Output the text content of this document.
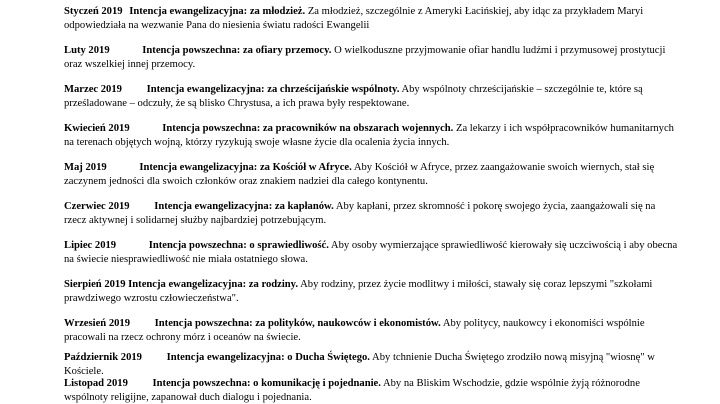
Styczeń 2019 Intencja ewangelizacyjna: za młodzież. Za młodzież, szczególnie z Ameryki Łacińskiej, aby idąc za przykładem Maryi odpowiedziała na wezwanie Pana do niesienia światu radości Ewangelii
Luty 2019	Intencja powszechna: za ofiary przemocy. O wielkoduszne przyjmowanie ofiar handlu ludźmi i przymusowej prostytucji oraz wszelkiej innej przemocy.
Marzec 2019 Intencja ewangelizacyjna: za chrześcijańskie wspólnoty. Aby wspólnoty chrześcijańskie – szczególnie te, które są prześladowane – odczuły, że są blisko Chrystusa, a ich prawa były respektowane.
Kwiecień 2019	Intencja powszechna: za pracowników na obszarach wojennych. Za lekarzy i ich współpracowników humanitarnych na terenach objętych wojną, którzy ryzykują swoje własne życie dla ocalenia życia innych.
Maj 2019	Intencja ewangelizacyjna: za Kościół w Afryce. Aby Kościół w Afryce, przez zaangażowanie swoich wiernych, stał się zaczynem jedności dla swoich członków oraz znakiem nadziei dla całego kontynentu.
Czerwiec 2019 Intencja ewangelizacyjna: za kapłanów. Aby kapłani, przez skromność i pokorę swojego życia, zaangażowali się na rzecz aktywnej i solidarnej służby najbardziej potrzebującym.
Lipiec 2019	Intencja powszechna: o sprawiedliwość. Aby osoby wymierzające sprawiedliwość kierowały się uczciwością i aby obecna na świecie niesprawiedliwość nie miała ostatniego słowa.
Sierpień 2019 Intencja ewangelizacyjna: za rodziny. Aby rodziny, przez życie modlitwy i miłości, stawały się coraz lepszymi "szkołami prawdziwego wzrostu człowieczeństwa".
Wrzesień 2019 Intencja powszechna: za polityków, naukowców i ekonomistów. Aby politycy, naukowcy i ekonomiści wspólnie pracowali na rzecz ochrony mórz i oceanów na świecie.
Październik 2019 Intencja ewangelizacyjna: o Ducha Świętego. Aby tchnienie Ducha Świętego zrodziło nową misyjną "wiosnę" w Kościele.
Listopad 2019 Intencja powszechna: o komunikację i pojednanie. Aby na Bliskim Wschodzie, gdzie wspólnie żyją różnorodne wspólnoty religijne, zapanował duch dialogu i pojednania.
